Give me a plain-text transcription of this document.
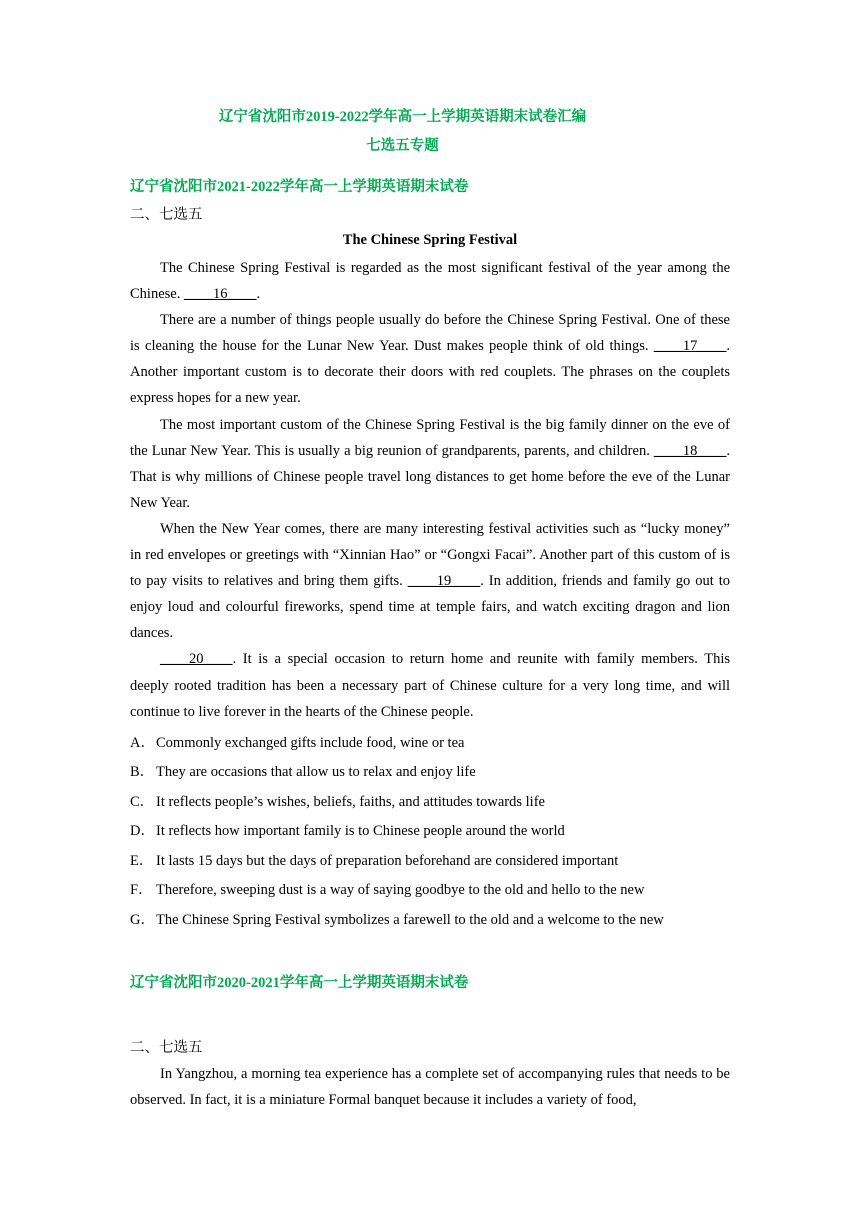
辽宁省沈阳市2019-2022学年高一上学期英语期末试卷汇编
七选五专题
辽宁省沈阳市2021-2022学年高一上学期英语期末试卷
二、七选五
The Chinese Spring Festival
The Chinese Spring Festival is regarded as the most significant festival of the year among the Chinese. ____16____.
There are a number of things people usually do before the Chinese Spring Festival. One of these is cleaning the house for the Lunar New Year. Dust makes people think of old things. ____17____. Another important custom is to decorate their doors with red couplets. The phrases on the couplets express hopes for a new year.
The most important custom of the Chinese Spring Festival is the big family dinner on the eve of the Lunar New Year. This is usually a big reunion of grandparents, parents, and children. ____18____. That is why millions of Chinese people travel long distances to get home before the eve of the Lunar New Year.
When the New Year comes, there are many interesting festival activities such as “lucky money” in red envelopes or greetings with “Xinnian Hao” or “Gongxi Facai”. Another part of this custom of is to pay visits to relatives and bring them gifts. ____19____. In addition, friends and family go out to enjoy loud and colourful fireworks, spend time at temple fairs, and watch exciting dragon and lion dances.
____20____. It is a special occasion to return home and reunite with family members. This deeply rooted tradition has been a necessary part of Chinese culture for a very long time, and will continue to live forever in the hearts of the Chinese people.
A．Commonly exchanged gifts include food, wine or tea
B． They are occasions that allow us to relax and enjoy life
C． It reflects people’s wishes, beliefs, faiths, and attitudes towards life
D．It reflects how important family is to Chinese people around the world
E． It lasts 15 days but the days of preparation beforehand are considered important
F． Therefore, sweeping dust is a way of saying goodbye to the old and hello to the new
G．The Chinese Spring Festival symbolizes a farewell to the old and a welcome to the new
辽宁省沈阳市2020-2021学年高一上学期英语期末试卷
二、七选五
In Yangzhou, a morning tea experience has a complete set of accompanying rules that needs to be observed. In fact, it is a miniature Formal banquet because it includes a variety of food,
